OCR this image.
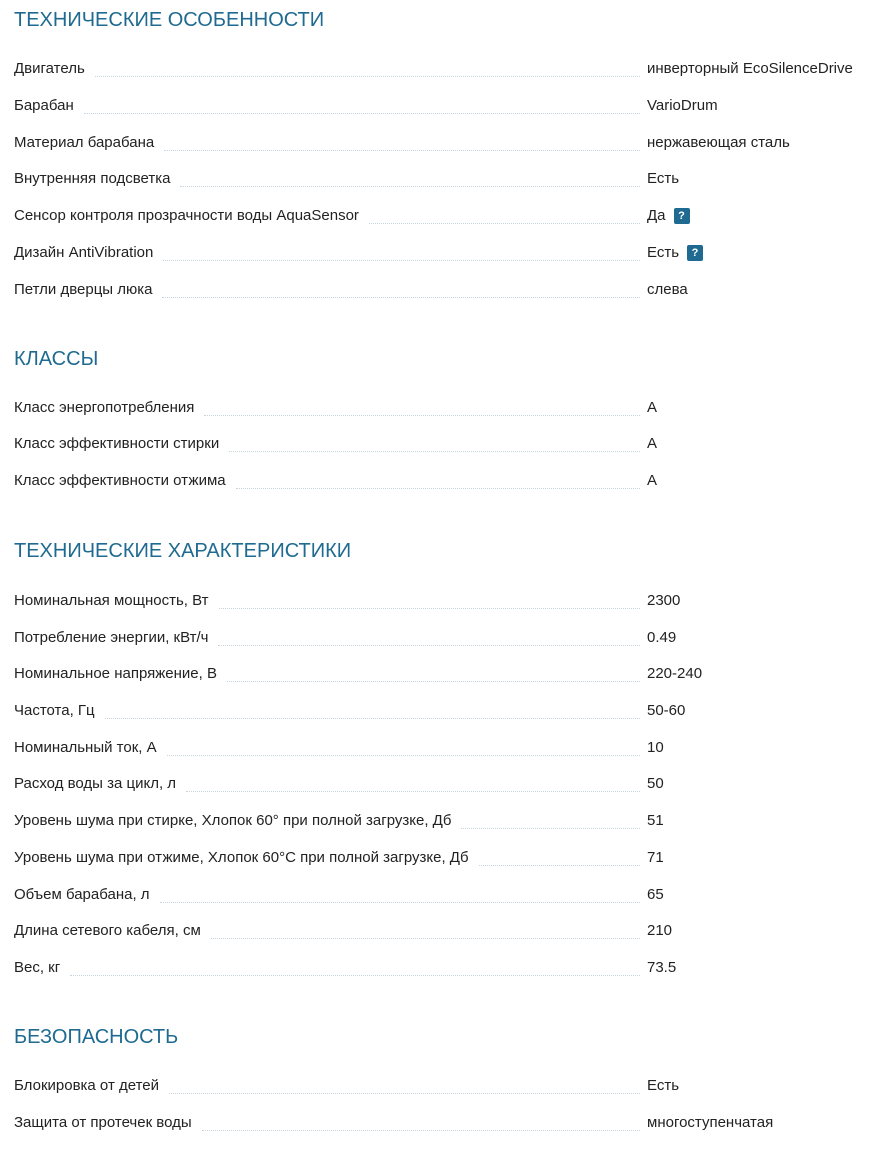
ТЕХНИЧЕСКИЕ ОСОБЕННОСТИ
Двигатель	инверторный EcoSilenceDrive
Барабан	VarioDrum
Материал барабана	нержавеющая сталь
Внутренняя подсветка	Есть
Сенсор контроля прозрачности воды AquaSensor	Да	?
Дизайн AntiVibration	Есть	?
Петли дверцы люка	слева
КЛАССЫ
Класс энергопотребления	A
Класс эффективности стирки	A
Класс эффективности отжима	A
ТЕХНИЧЕСКИЕ ХАРАКТЕРИСТИКИ
Номинальная мощность, Вт	2300
Потребление энергии, кВт/ч	0.49
Номинальное напряжение, В	220-240
Частота, Гц	50-60
Номинальный ток, А	10
Расход воды за цикл, л	50
Уровень шума при стирке, Хлопок 60° при полной загрузке, Дб	51
Уровень шума при отжиме, Хлопок 60°С при полной загрузке, Дб	71
Объем барабана, л	65
Длина сетевого кабеля, см	210
Вес, кг	73.5
БЕЗОПАСНОСТЬ
Блокировка от детей	Есть
Защита от протечек воды	многоступенчатая
